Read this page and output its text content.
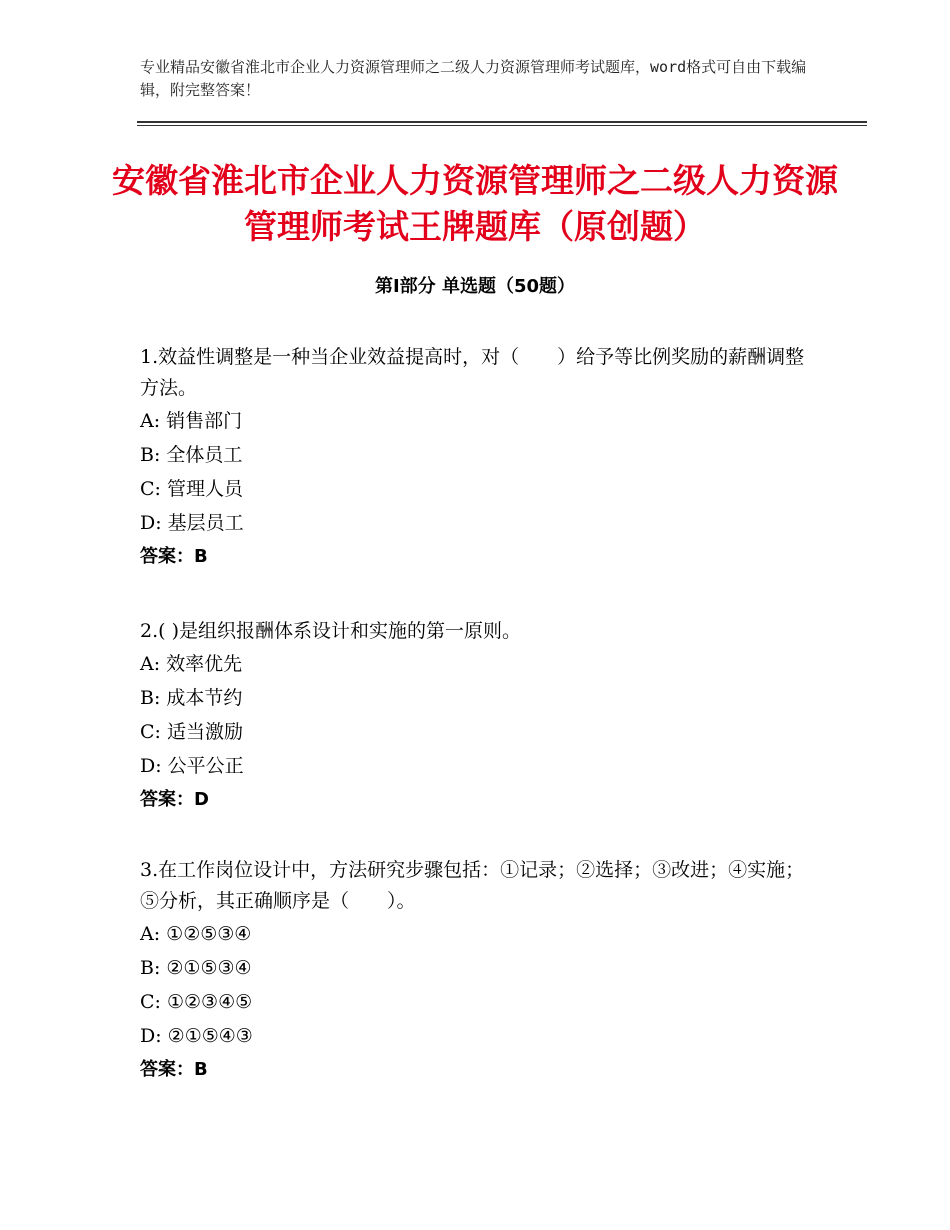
专业精品安徽省淮北市企业人力资源管理师之二级人力资源管理师考试题库，word格式可自由下载编辑，附完整答案！

安徽省淮北市企业人力资源管理师之二级人力资源管理师考试王牌题库（原创题）
第Ⅰ部分 单选题（50题）

1.效益性调整是一种当企业效益提高时，对（　　）给予等比例奖励的薪酬调整方法。

A: 销售部门

B: 全体员工

C: 管理人员

D: 基层员工

答案：B

2.( )是组织报酬体系设计和实施的第一原则。

A: 效率优先

B: 成本节约

C: 适当激励

D: 公平公正

答案：D

3.在工作岗位设计中，方法研究步骤包括：①记录；②选择；③改进；④实施；⑤分析，其正确顺序是（　　）。

A: ①②⑤③④

B: ②①⑤③④

C: ①②③④⑤

D: ②①⑤④③

答案：B
